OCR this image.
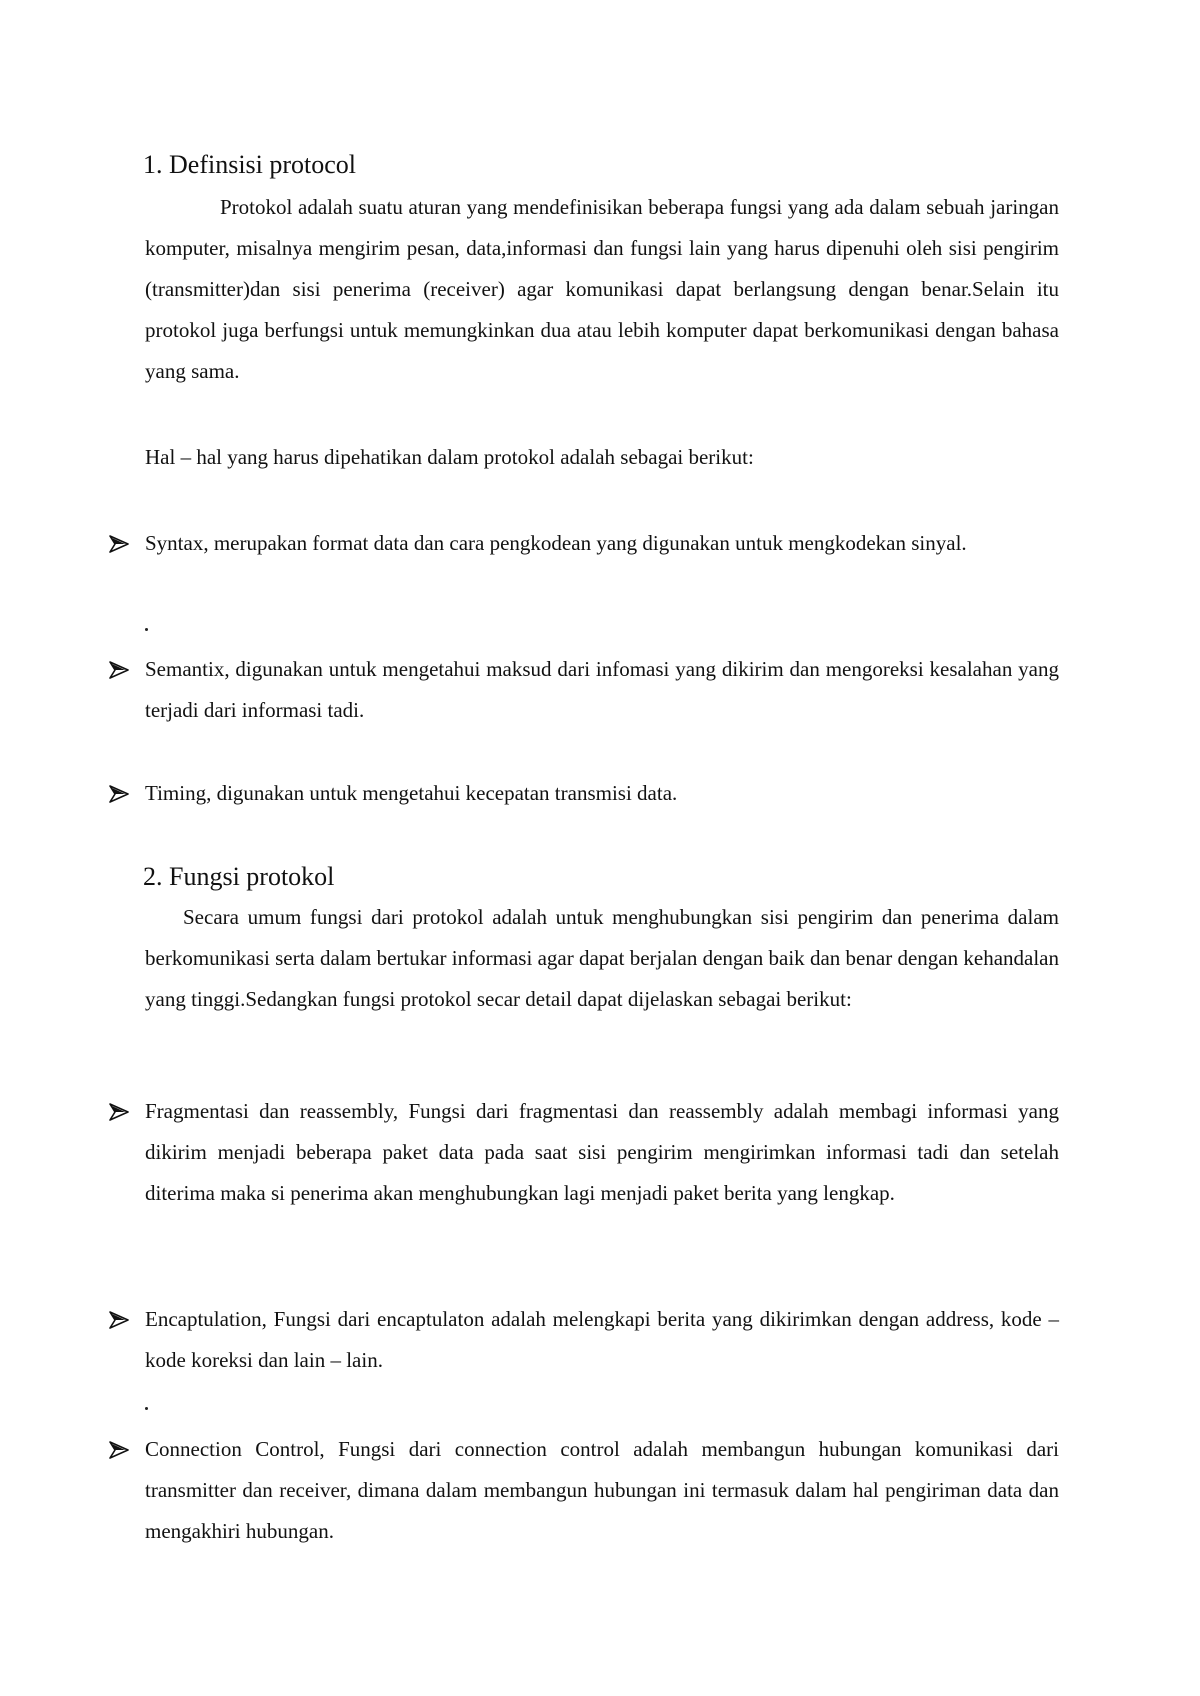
1. Definsisi protocol
Protokol adalah suatu aturan yang mendefinisikan beberapa fungsi yang ada dalam sebuah jaringan komputer, misalnya mengirim pesan, data,informasi dan fungsi lain yang harus dipenuhi oleh sisi pengirim (transmitter)dan sisi penerima (receiver) agar komunikasi dapat berlangsung dengan benar.Selain itu protokol juga berfungsi untuk memungkinkan dua atau lebih komputer dapat berkomunikasi dengan bahasa yang sama.
Hal – hal yang harus dipehatikan dalam protokol adalah sebagai berikut:
Syntax, merupakan format data dan cara pengkodean yang digunakan untuk mengkodekan sinyal.
Semantix, digunakan untuk mengetahui maksud dari infomasi yang dikirim dan mengoreksi kesalahan yang terjadi dari informasi tadi.
Timing, digunakan untuk mengetahui kecepatan transmisi data.
2. Fungsi protokol
Secara umum fungsi dari protokol adalah untuk menghubungkan sisi pengirim dan penerima dalam berkomunikasi serta dalam bertukar informasi agar dapat berjalan dengan baik dan benar dengan kehandalan yang tinggi.Sedangkan fungsi protokol secar detail dapat dijelaskan sebagai berikut:
Fragmentasi dan reassembly, Fungsi dari fragmentasi dan reassembly adalah membagi informasi yang dikirim menjadi beberapa paket data pada saat sisi pengirim mengirimkan informasi tadi dan setelah diterima maka si penerima akan menghubungkan lagi menjadi paket berita yang lengkap.
Encaptulation, Fungsi dari encaptulaton adalah melengkapi berita yang dikirimkan dengan address, kode – kode koreksi dan lain – lain.
Connection Control, Fungsi dari connection control adalah membangun hubungan komunikasi dari transmitter dan receiver, dimana dalam membangun hubungan ini termasuk dalam hal pengiriman data dan mengakhiri hubungan.
